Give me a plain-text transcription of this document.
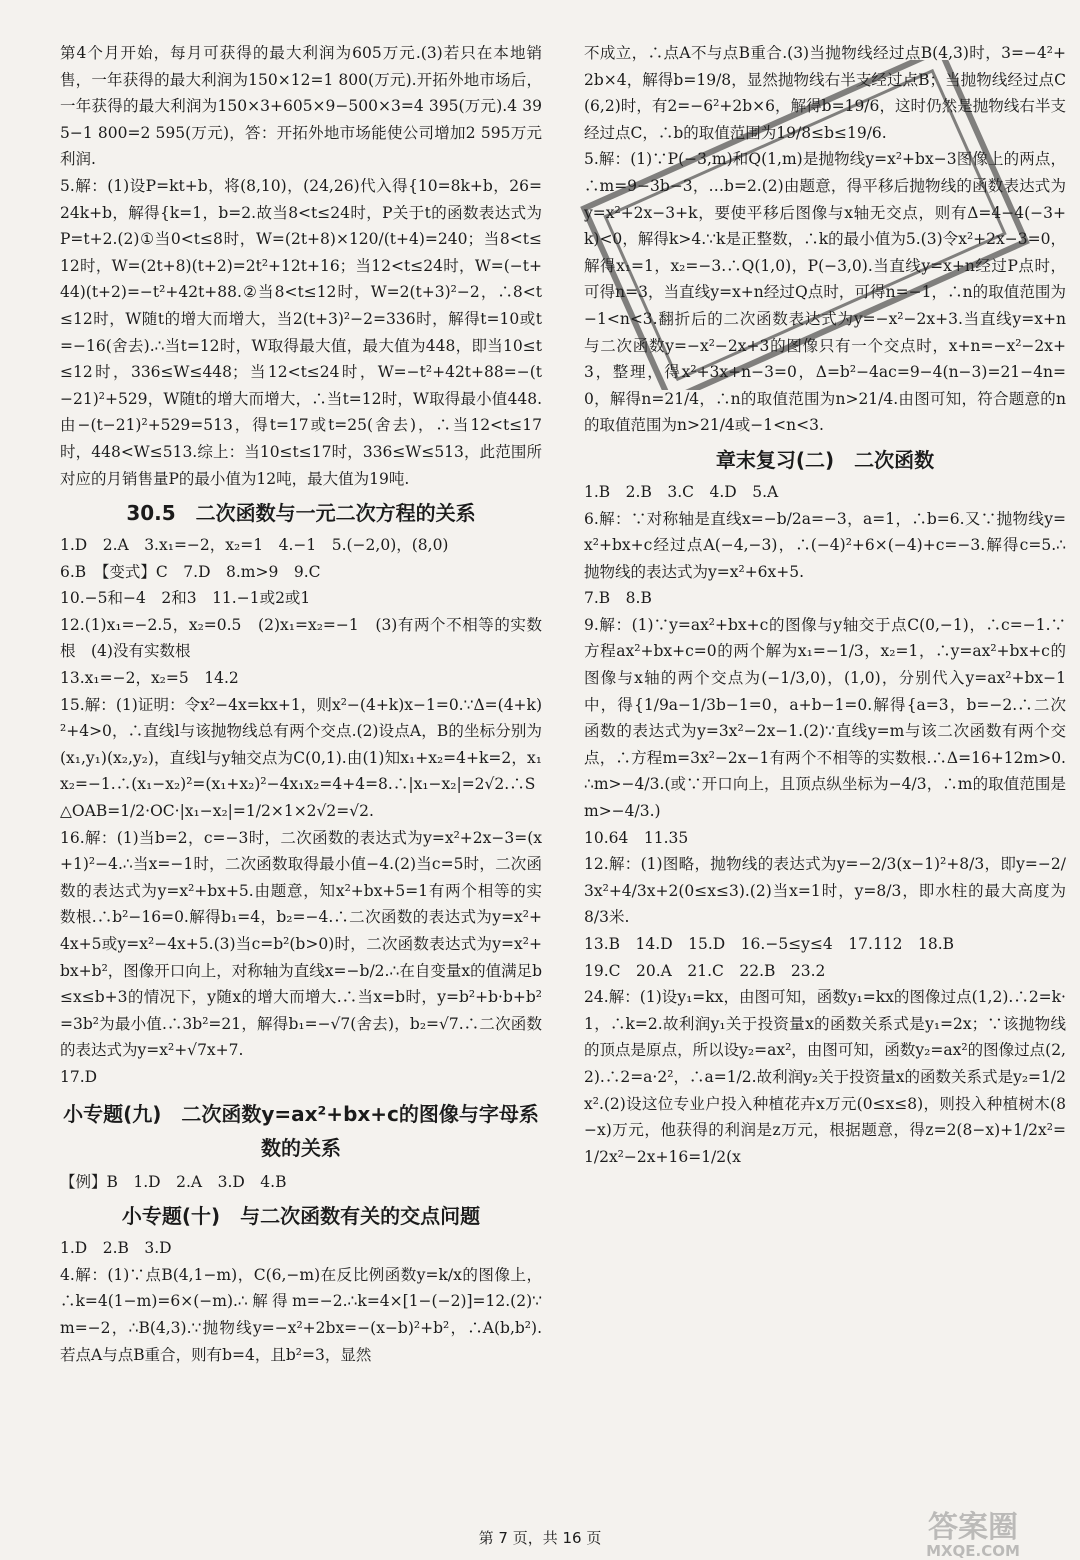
第4个月开始，每月可获得的最大利润为605万元.(3)若只在本地销售，一年获得的最大利润为150×12=1 800(万元).开拓外地市场后，一年获得的最大利润为150×3+605×9−500×3=4 395(万元).4 395−1 800=2 595(万元)，答：开拓外地市场能使公司增加2 595万元利润.
5.解：(1)设P=kt+b，将(8,10)，(24,26)代入得{10=8k+b，26=24k+b，解得{k=1，b=2.故当8<t≤24时，P关于t的函数表达式为P=t+2.(2)①当0<t≤8时，W=(2t+8)×120/(t+4)=240；当8<t≤12时，W=(2t+8)(t+2)=2t²+12t+16；当12<t≤24时，W=(−t+44)(t+2)=−t²+42t+88.②当8<t≤12时，W=2(t+3)²−2，∴8<t≤12时，W随t的增大而增大，当2(t+3)²−2=336时，解得t=10或t=−16(舍去).∴当t=12时，W取得最大值，最大值为448，即当10≤t≤12时，336≤W≤448；当12<t≤24时，W=−t²+42t+88=−(t−21)²+529，W随t的增大而增大，∴当t=12时，W取得最小值448.由−(t−21)²+529=513，得t=17或t=25(舍去)，∴当12<t≤17时，448<W≤513.综上：当10≤t≤17时，336≤W≤513，此范围所对应的月销售量P的最小值为12吨，最大值为19吨.
30.5　二次函数与一元二次方程的关系
1.D　2.A　3.x₁=−2，x₂=1　4.−1　5.(−2,0)，(8,0)
6.B　【变式】C　7.D　8.m>9　9.C
10.−5和−4　2和3　11.−1或2或1
12.(1)x₁=−2.5，x₂=0.5　(2)x₁=x₂=−1　(3)有两个不相等的实数根　(4)没有实数根
13.x₁=−2，x₂=5　14.2
15.解：(1)证明：令x²−4x=kx+1，则x²−(4+k)x−1=0.∵Δ=(4+k)²+4>0，∴直线l与该抛物线总有两个交点.(2)设点A，B的坐标分别为(x₁,y₁)(x₂,y₂)，直线l与y轴交点为C(0,1).由(1)知x₁+x₂=4+k=2，x₁x₂=−1.∴(x₁−x₂)²=(x₁+x₂)²−4x₁x₂=4+4=8.∴|x₁−x₂|=2√2.∴S△OAB=1/2·OC·|x₁−x₂|=1/2×1×2√2=√2.
16.解：(1)当b=2，c=−3时，二次函数的表达式为y=x²+2x−3=(x+1)²−4.∴当x=−1时，二次函数取得最小值−4.(2)当c=5时，二次函数的表达式为y=x²+bx+5.由题意，知x²+bx+5=1有两个相等的实数根.∴b²−16=0.解得b₁=4，b₂=−4.∴二次函数的表达式为y=x²+4x+5或y=x²−4x+5.(3)当c=b²(b>0)时，二次函数表达式为y=x²+bx+b²，图像开口向上，对称轴为直线x=−b/2.∴在自变量x的值满足b≤x≤b+3的情况下，y随x的增大而增大.∴当x=b时，y=b²+b·b+b²=3b²为最小值.∴3b²=21，解得b₁=−√7(舍去)，b₂=√7.∴二次函数的表达式为y=x²+√7x+7.
17.D
小专题(九)　二次函数y=ax²+bx+c的图像与字母系数的关系
【例】B　1.D　2.A　3.D　4.B
小专题(十)　与二次函数有关的交点问题
1.D　2.B　3.D
4.解：(1)∵点B(4,1−m)，C(6,−m)在反比例函数y=k/x的图像上，∴k=4(1−m)=6×(−m).∴解得m=−2.∴k=4×[1−(−2)]=12.(2)∵m=−2，∴B(4,3).∵抛物线y=−x²+2bx=−(x−b)²+b²，∴A(b,b²).若点A与点B重合，则有b=4，且b²=3，显然
不成立，∴点A不与点B重合.(3)当抛物线经过点B(4,3)时，3=−4²+2b×4，解得b=19/8，显然抛物线右半支经过点B；当抛物线经过点C(6,2)时，有2=−6²+2b×6，解得b=19/6，这时仍然是抛物线右半支经过点C，∴b的取值范围为19/8≤b≤19/6.
5.解：(1)∵P(−3,m)和Q(1,m)是抛物线y=x²+bx−3图像上的两点，∴m=9−3b−3，…b=2.(2)由题意，得平移后抛物线的函数表达式为y=x²+2x−3+k，要使平移后图像与x轴无交点，则有Δ=4−4(−3+k)<0，解得k>4.∵k是正整数，∴k的最小值为5.(3)令x²+2x−3=0，解得x₁=1，x₂=−3.∴Q(1,0)，P(−3,0).当直线y=x+n经过P点时，可得n=3，当直线y=x+n经过Q点时，可得n=−1，∴n的取值范围为−1<n<3.翻折后的二次函数表达式为y=−x²−2x+3.当直线y=x+n与二次函数y=−x²−2x+3的图像只有一个交点时，x+n=−x²−2x+3，整理，得x²+3x+n−3=0，Δ=b²−4ac=9−4(n−3)=21−4n=0，解得n=21/4，∴n的取值范围为n>21/4.由图可知，符合题意的n的取值范围为n>21/4或−1<n<3.
章末复习(二)　二次函数
1.B　2.B　3.C　4.D　5.A
6.解：∵对称轴是直线x=−b/2a=−3，a=1，∴b=6.又∵抛物线y=x²+bx+c经过点A(−4,−3)，∴(−4)²+6×(−4)+c=−3.解得c=5.∴抛物线的表达式为y=x²+6x+5.
7.B　8.B
9.解：(1)∵y=ax²+bx+c的图像与y轴交于点C(0,−1)，∴c=−1.∵方程ax²+bx+c=0的两个解为x₁=−1/3，x₂=1，∴y=ax²+bx+c的图像与x轴的两个交点为(−1/3,0)，(1,0)，分别代入y=ax²+bx−1中，得{1/9a−1/3b−1=0，a+b−1=0.解得{a=3，b=−2.∴二次函数的表达式为y=3x²−2x−1.(2)∵直线y=m与该二次函数有两个交点，∴方程m=3x²−2x−1有两个不相等的实数根.∴Δ=16+12m>0.∴m>−4/3.(或∵开口向上，且顶点纵坐标为−4/3，∴m的取值范围是m>−4/3.)
10.64　11.35
12.解：(1)图略，抛物线的表达式为y=−2/3(x−1)²+8/3，即y=−2/3x²+4/3x+2(0≤x≤3).(2)当x=1时，y=8/3，即水柱的最大高度为8/3米.
13.B　14.D　15.D　16.−5≤y≤4　17.112　18.B
19.C　20.A　21.C　22.B　23.2
24.解：(1)设y₁=kx，由图可知，函数y₁=kx的图像过点(1,2).∴2=k·1，∴k=2.故利润y₁关于投资量x的函数关系式是y₁=2x；∵该抛物线的顶点是原点，所以设y₂=ax²，由图可知，函数y₂=ax²的图像过点(2,2).∴2=a·2²，∴a=1/2.故利润y₂关于投资量x的函数关系式是y₂=1/2x².(2)设这位专业户投入种植花卉x万元(0≤x≤8)，则投入种植树木(8−x)万元，他获得的利润是z万元，根据题意，得z=2(8−x)+1/2x²=1/2x²−2x+16=1/2(x
第 7 页，共 16 页	答案圈
MXQE.COM
